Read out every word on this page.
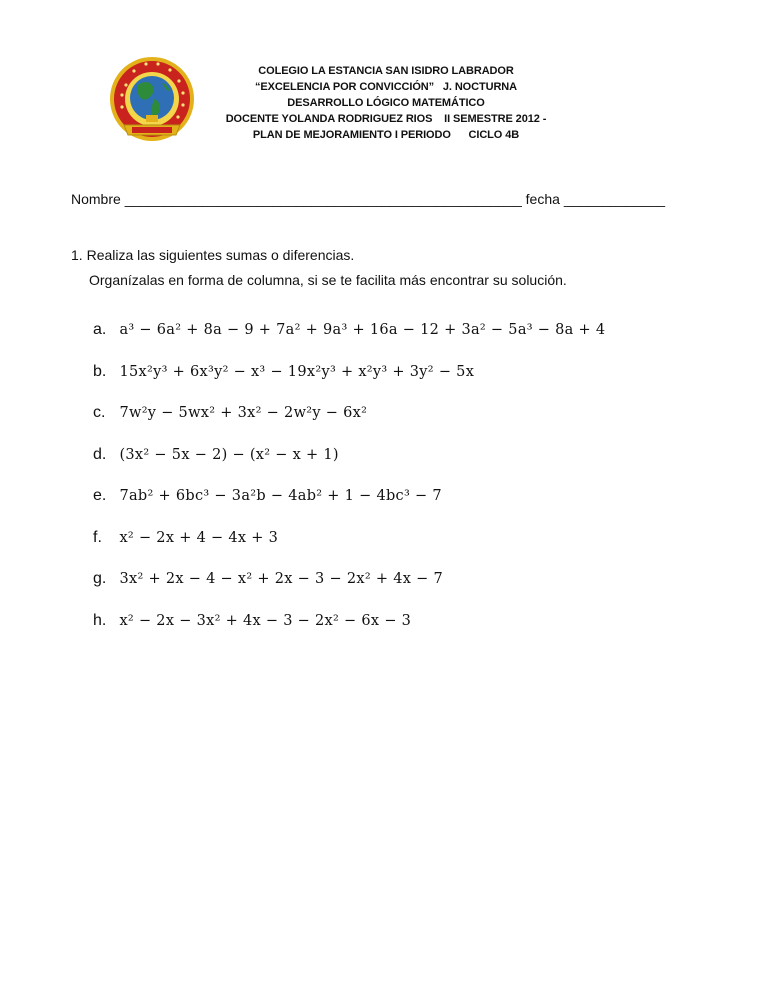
COLEGIO LA ESTANCIA SAN ISIDRO LABRADOR
“EXCELENCIA POR CONVICCIÓN”   J. NOCTURNA
DESARROLLO LÓGICO MATEMÁTICO
DOCENTE YOLANDA RODRIGUEZ RIOS    II SEMESTRE 2012 -
PLAN DE MEJORAMIENTO I PERIODO      CICLO 4B
Nombre ___________________________________________________ fecha _____________
1. Realiza las siguientes sumas o diferencias.
Organízalas en forma de columna, si se te facilita más encontrar su solución.
a. a³ − 6a² + 8a − 9 + 7a² + 9a³ + 16a − 12 + 3a² − 5a³ − 8a + 4
b. 15x²y³ + 6x³y² − x³ − 19x²y³ + x²y³ + 3y² − 5x
c. 7w²y − 5wx² + 3x² − 2w²y − 6x²
d. (3x² − 5x − 2) − (x² − x + 1)
e. 7ab² + 6bc³ − 3a²b − 4ab² + 1 − 4bc³ − 7
f. x² − 2x + 4 − 4x + 3
g. 3x² + 2x − 4 − x² + 2x − 3 − 2x² + 4x − 7
h. x² − 2x − 3x² + 4x − 3 − 2x² − 6x − 3
